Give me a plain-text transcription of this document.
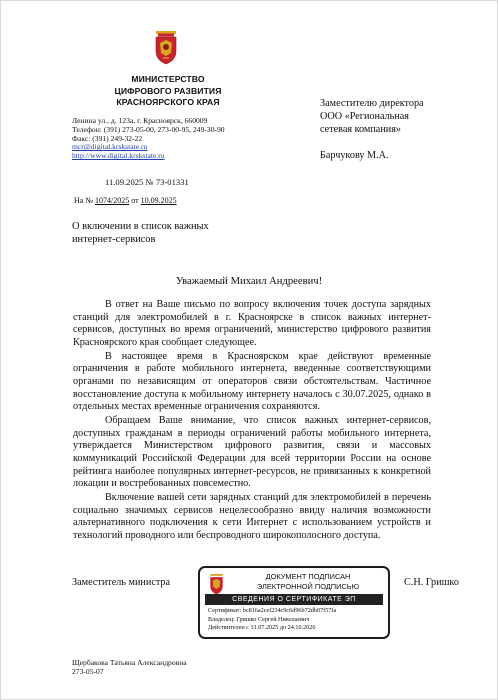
МИНИСТЕРСТВО
ЦИФРОВОГО РАЗВИТИЯ
КРАСНОЯРСКОГО КРАЯ
Ленина ул., д. 123а, г. Красноярск, 660009
Телефон: (391) 273-05-00, 273-00-95, 249-30-90
Факс: (391) 249-32-22
mcr@digital.krskstate.ru
http://www.digital.krskstate.ru
11.09.2025 № 73-01331
На № 1074/2025 от 10.09.2025
О включении в список важных
интернет-сервисов
Заместителю директора
ООО «Региональная
сетевая компания»
Барчукову М.А.
Уважаемый Михаил Андреевич!

В ответ на Ваше письмо по вопросу включения точек доступа зарядных станций для электромобилей в г. Красноярске в список важных интернет-сервисов, доступных во время ограничений, министерство цифрового развития Красноярского края сообщает следующее.

В настоящее время в Красноярском крае действуют временные ограничения в работе мобильного интернета, введенные соответствующими органами по независящим от операторов связи обстоятельствам. Частичное восстановление доступа к мобильному интернету началось с 30.07.2025, однако в отдельных местах временные ограничения сохраняются.

Обращаем Ваше внимание, что список важных интернет-сервисов, доступных гражданам в периоды ограничений работы мобильного интернета, утверждается Министерством цифрового развития, связи и массовых коммуникаций Российской Федерации для всей территории России на основе рейтинга наиболее популярных интернет-ресурсов, не привязанных к конкретной локации и востребованных повсеместно.

Включение вашей сети зарядных станций для электромобилей в перечень социально значимых сервисов нецелесообразно ввиду наличия возможности альтернативного подключения к сети Интернет с использованием устройств и технологий проводного или беспроводного широкополосного доступа.

Заместитель министра	С.Н. Гришко
ДОКУМЕНТ ПОДПИСАН
ЭЛЕКТРОННОЙ ПОДПИСЬЮ
СВЕДЕНИЯ О СЕРТИФИКАТЕ ЭП
Сертификат: bc816a2cef234c9c6d96b72db07f57fa
Владелец: Гришко Сергей Николаевич
Действителен с 31.07.2025 до 24.10.2026
Щербакова Татьяна Александровна
273-05-07
